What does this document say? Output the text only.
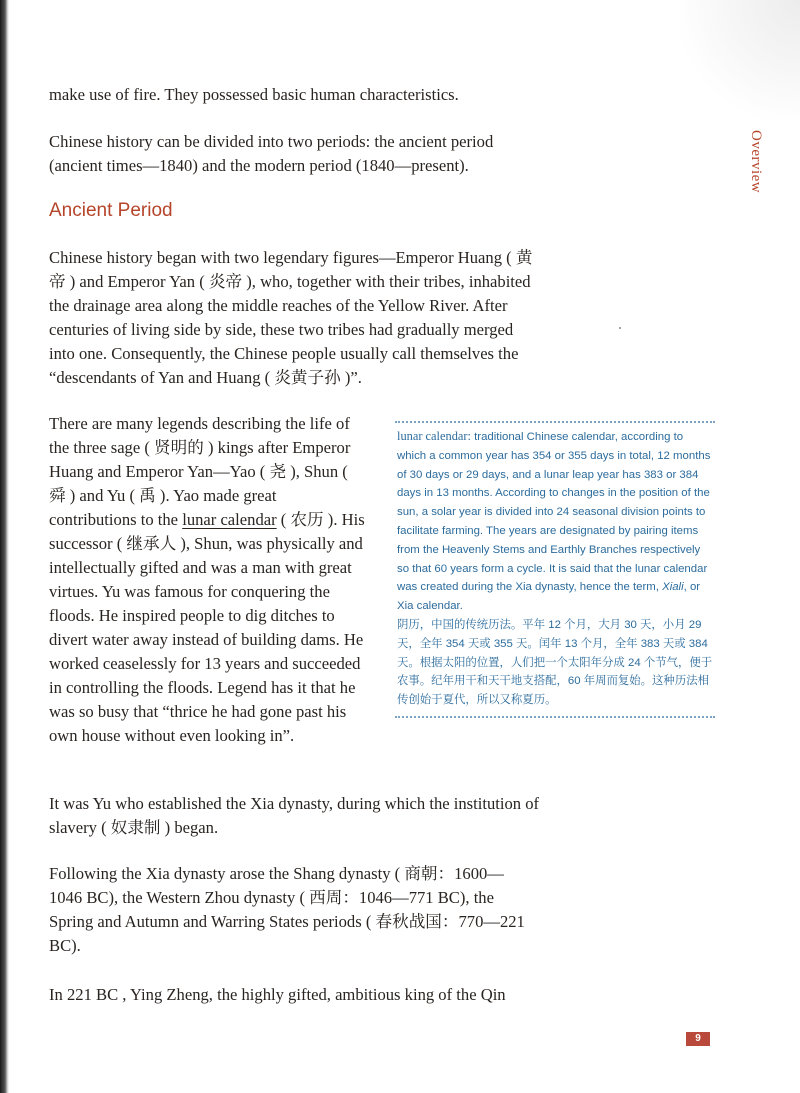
Overview

make use of fire. They possessed basic human characteristics.

Chinese history can be divided into two periods: the ancient period (ancient times—1840) and the modern period (1840—present).

Ancient Period

Chinese history began with two legendary figures—Emperor Huang ( 黄帝 ) and Emperor Yan ( 炎帝 ), who, together with their tribes, inhabited the drainage area along the middle reaches of the Yellow River. After centuries of living side by side, these two tribes had gradually merged into one. Consequently, the Chinese people usually call themselves the “descendants of Yan and Huang ( 炎黄子孙 )”.

There are many legends describing the life of the three sage ( 贤明的 ) kings after Emperor Huang and Emperor Yan—Yao ( 尧 ), Shun ( 舜 ) and Yu ( 禹 ). Yao made great contributions to the lunar calendar ( 农历 ). His successor ( 继承人 ), Shun, was physically and intellectually gifted and was a man with great virtues. Yu was famous for conquering the floods. He inspired people to dig ditches to divert water away instead of building dams. He worked ceaselessly for 13 years and succeeded in controlling the floods. Legend has it that he was so busy that “thrice he had gone past his own house without even looking in”.

lunar calendar: traditional Chinese calendar, according to which a common year has 354 or 355 days in total, 12 months of 30 days or 29 days, and a lunar leap year has 383 or 384 days in 13 months. According to changes in the position of the sun, a solar year is divided into 24 seasonal division points to facilitate farming. The years are designated by pairing items from the Heavenly Stems and Earthly Branches respectively so that 60 years form a cycle. It is said that the lunar calendar was created during the Xia dynasty, hence the term, Xiali, or Xia calendar.
阴历，中国的传统历法。平年 12 个月，大月 30 天，小月 29 天，全年 354 天或 355 天。闰年 13 个月，全年 383 天或 384 天。根据太阳的位置，人们把一个太阳年分成 24 个节气，便于农事。纪年用干和天干地支搭配，60 年周而复始。这种历法相传创始于夏代，所以又称夏历。

It was Yu who established the Xia dynasty, during which the institution of slavery ( 奴隶制 ) began.

Following the Xia dynasty arose the Shang dynasty ( 商朝：1600—1046 BC), the Western Zhou dynasty ( 西周：1046—771 BC), the Spring and Autumn and Warring States periods ( 春秋战国：770—221 BC).

In 221 BC , Ying Zheng, the highly gifted, ambitious king of the Qin

9
